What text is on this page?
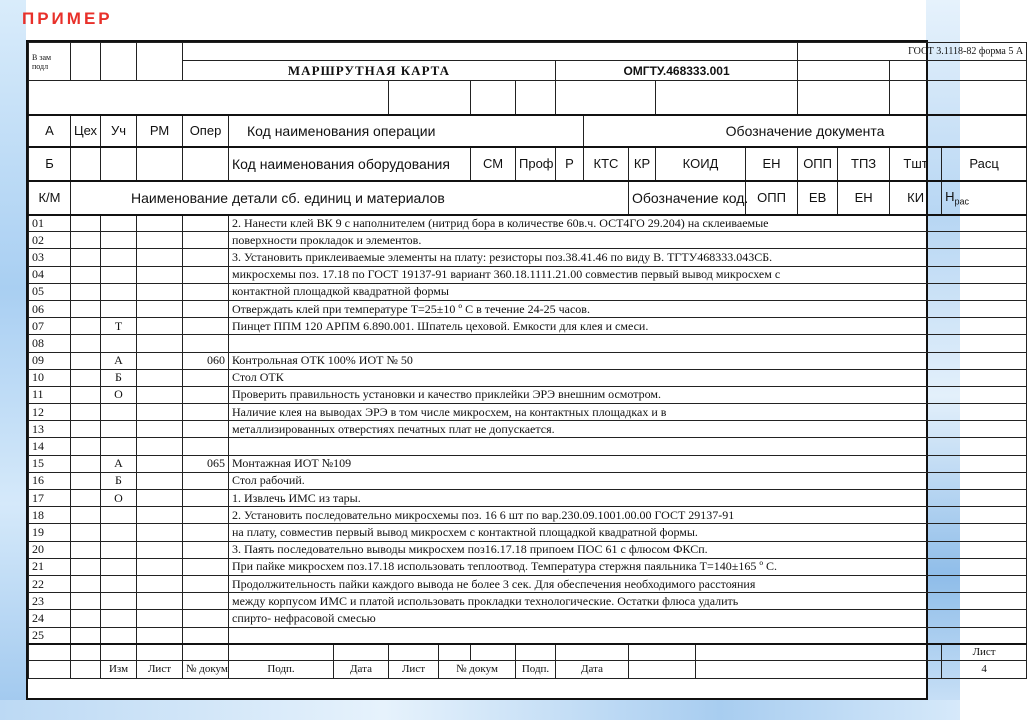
ПРИМЕР
В зам подл																	ГОСТ 3.1118-82 форма 5 А			
				МАРШРУТНАЯ КАРТА							ОМГТУ.468333.001									

А	Цех	Уч	РМ	Опер	Код наименования операции							Обозначение документа								
Б					Код наименования оборудования				СМ	Проф	Р	КТС	КР	КОИД		ЕН	ОПП	ТПЗ	Тшт	Расц
К/М	Наименование детали сб. единиц и материалов												Обозначение код.			ОПП	ЕВ	ЕН	КИ	$Н_{рас}$
01					2. Нанести клей ВК 9 с наполнителем (нитрид бора в количестве 60в.ч. ОСТ4ГО 29.204) на склеиваемые															
02					поверхности прокладок и элементов.															
03					3. Установить приклеиваемые элементы на плату: резисторы поз.38.41.46 по виду В. ТГТУ468333.043СБ.															
04					микросхемы поз. 17.18 по ГОСТ 19137-91 вариант 360.18.1111.21.00 совместив первый вывод микросхем с															
05					контактной площадкой квадратной формы															
06					Отверждать клей при температуре Т=25±10 º С в течение 24-25 часов.															
07		Т			Пинцет ППМ 120 АРПМ 6.890.001. Шпатель цеховой. Емкости для клея и смеси.															
08																				
09		А		060	Контрольная ОТК 100% ИОТ № 50															
10		Б			Стол ОТК															
11		О			Проверить правильность установки и качество приклейки ЭРЭ внешним осмотром.															
12					Наличие клея на выводах ЭРЭ в том числе микросхем, на контактных площадках и в															
13					металлизированных отверстиях печатных плат не допускается.															
14																				
15		А		065	Монтажная ИОТ №109															
16		Б			Стол рабочий.															
17		О			1. Извлечь ИМС из тары.															
18					2. Установить последовательно микросхемы поз. 16 6 шт по вар.230.09.1001.00.00 ГОСТ 29137-91															
19					на плату, совместив первый вывод микросхем с контактной площадкой квадратной формы.															
20					3. Паять последовательно выводы микросхем поз16.17.18 припоем ПОС 61 с флюсом ФКСп.															
21					При пайке микросхем поз.17.18 использовать теплоотвод. Температура стержня паяльника Т=140±165 º С.															
22					Продолжительность пайки каждого вывода не более 3 сек. Для обеспечения необходимого расстояния															
23					между корпусом ИМС и платой использовать прокладки технологические. Остатки флюса удалить															
24					спирто- нефрасовой смесью															
25																				
																				Лист
		Изм	Лист	№ докум	Подп.	Дата	Лист	№ докум		Подп.	Дата									4
